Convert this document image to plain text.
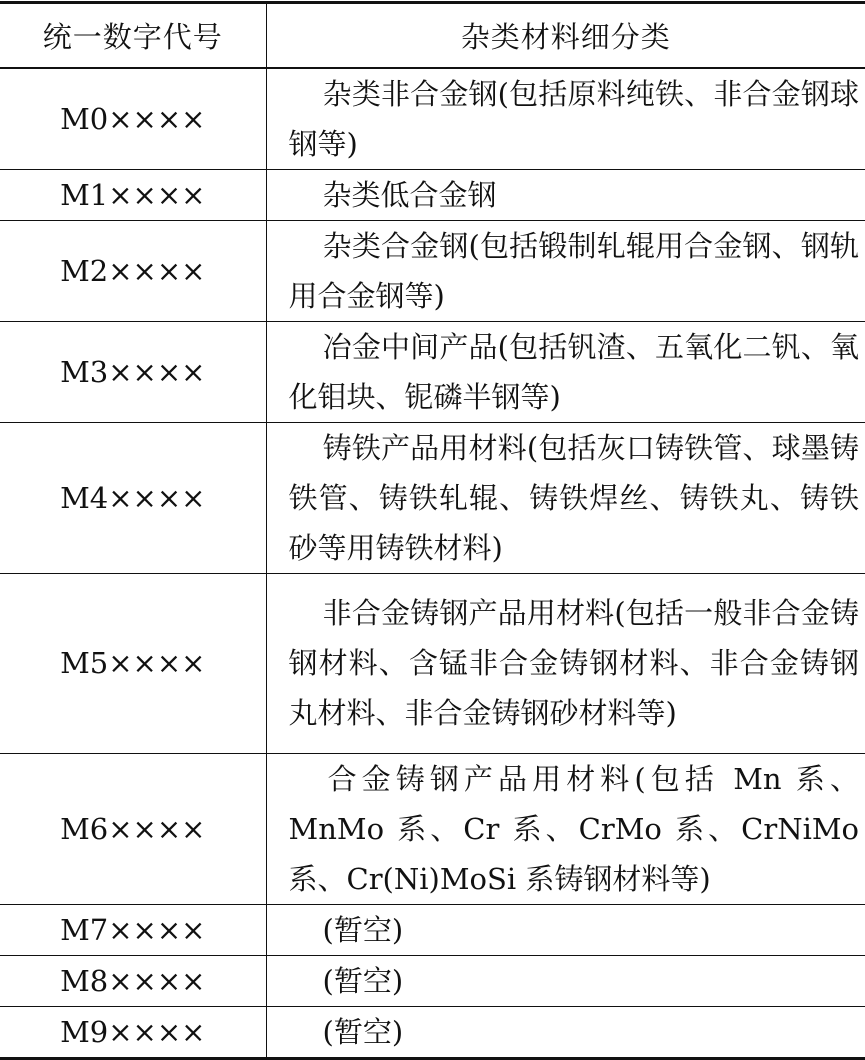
统一数字代号	杂类材料细分类
M0××××	杂类非合金钢(包括原料纯铁、非合金钢球钢等)
M1××××	杂类低合金钢
M2××××	杂类合金钢(包括锻制轧辊用合金钢、钢轨用合金钢等)
M3××××	冶金中间产品(包括钒渣、五氧化二钒、氧化钼块、铌磷半钢等)
M4××××	铸铁产品用材料(包括灰口铸铁管、球墨铸铁管、铸铁轧辊、铸铁焊丝、铸铁丸、铸铁砂等用铸铁材料)
M5××××	非合金铸钢产品用材料(包括一般非合金铸钢材料、含锰非合金铸钢材料、非合金铸钢丸材料、非合金铸钢砂材料等)
M6××××	合金铸钢产品用材料(包括 Mn 系、MnMo 系、Cr 系、CrMo 系、CrNiMo 系、Cr(Ni)MoSi 系铸钢材料等)
M7××××	(暂空)
M8××××	(暂空)
M9××××	(暂空)
